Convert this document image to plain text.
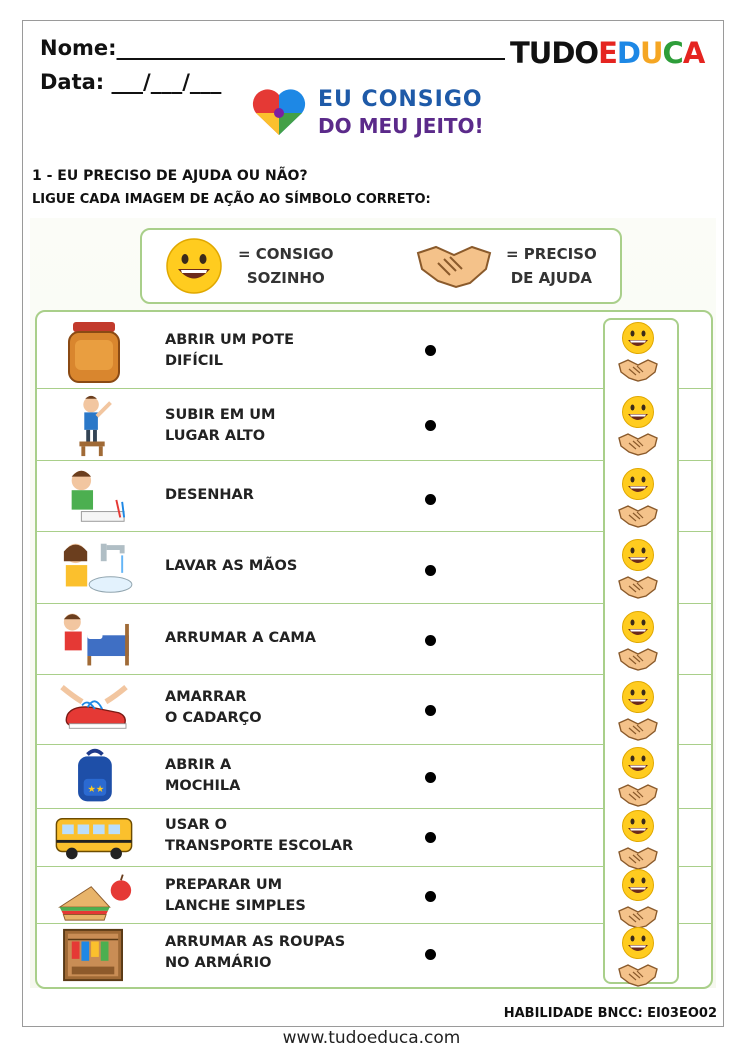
Nome:_____________________________________
Data: ___/___/___
TUDOEDUCA
EU CONSIGO
DO MEU JEITO!
1 - EU PRECISO DE AJUDA OU NÃO?
LIGUE CADA IMAGEM DE AÇÃO AO SÍMBOLO CORRETO:
= CONSIGO
SOZINHO
= PRECISO
DE AJUDA
ABRIR UM POTE
DIFÍCIL
SUBIR EM UM
LUGAR ALTO
DESENHAR
LAVAR AS MÃOS
ARRUMAR A CAMA
AMARRAR
O CADARÇO
★★
ABRIR A
MOCHILA
USAR O
TRANSPORTE ESCOLAR
PREPARAR UM
LANCHE SIMPLES
ARRUMAR AS ROUPAS
NO ARMÁRIO
HABILIDADE BNCC: EI03EO02
www.tudoeduca.com
